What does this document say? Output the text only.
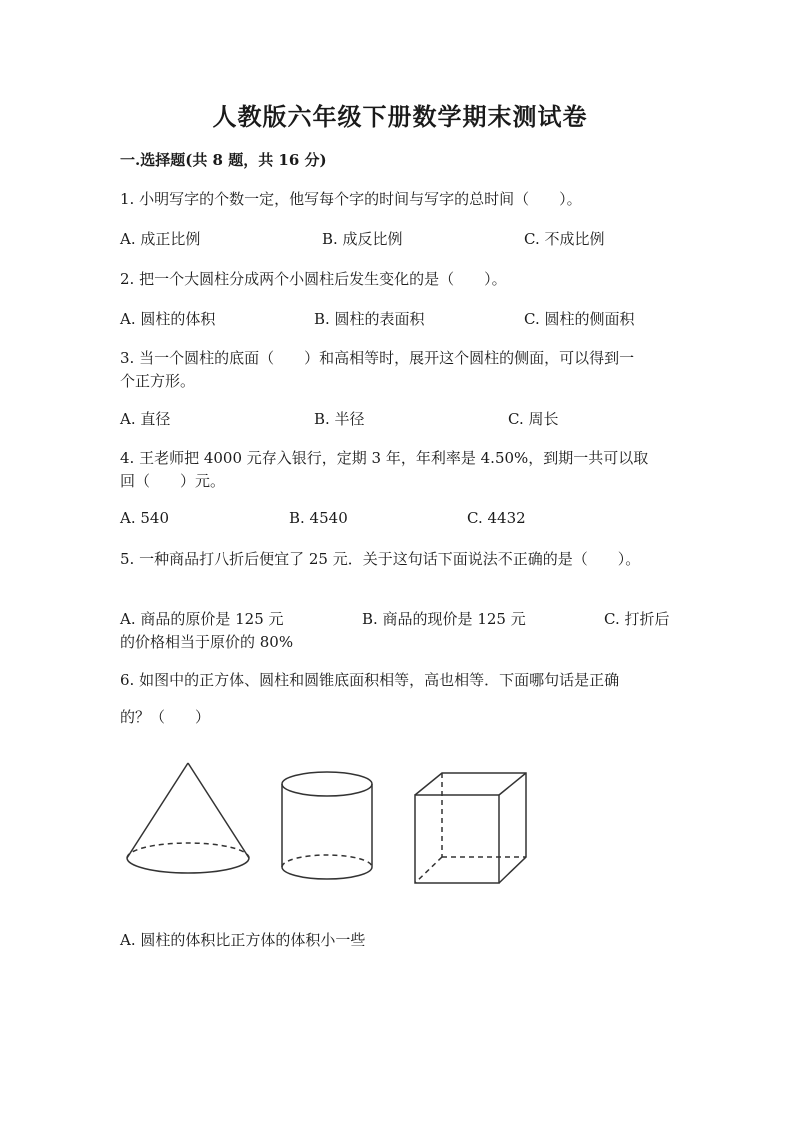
人教版六年级下册数学期末测试卷
一.选择题(共 8 题，共 16 分)
1. 小明写字的个数一定，他写每个字的时间与写字的总时间（　　）。
A. 成正比例	B. 成反比例	C. 不成比例
2. 把一个大圆柱分成两个小圆柱后发生变化的是（　　）。
A. 圆柱的体积	B. 圆柱的表面积	C. 圆柱的侧面积
3. 当一个圆柱的底面（　　）和高相等时，展开这个圆柱的侧面，可以得到一
个正方形。
A. 直径	B. 半径	C. 周长
4. 王老师把 4000 元存入银行，定期 3 年，年利率是 4.50%，到期一共可以取
回（　　）元。
A. 540	B. 4540	C. 4432
5. 一种商品打八折后便宜了 25 元．关于这句话下面说法不正确的是（　　）。
A. 商品的原价是 125 元	B. 商品的现价是 125 元	C. 打折后
的价格相当于原价的 80%
6. 如图中的正方体、圆柱和圆锥底面积相等，高也相等．下面哪句话是正确
的？（　　）
A. 圆柱的体积比正方体的体积小一些
